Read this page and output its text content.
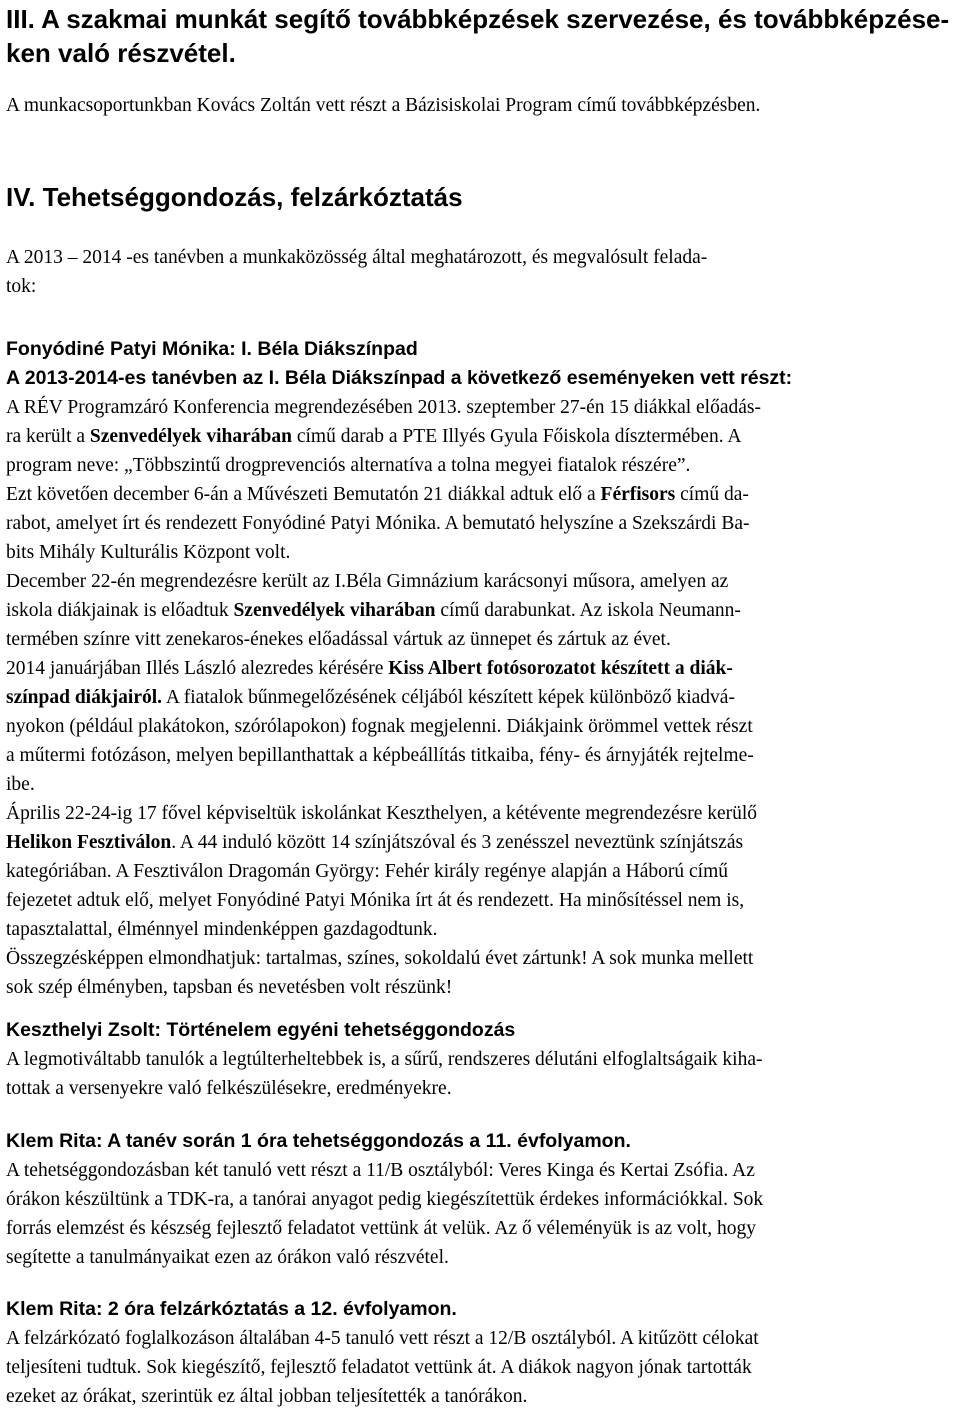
III. A szakmai munkát segítő továbbképzések szervezése, és továbbképzése-
ken való részvétel.
A munkacsoportunkban Kovács Zoltán vett részt a Bázisiskolai Program című továbbképzésben.
IV. Tehetséggondozás, felzárkóztatás
A 2013 – 2014 -es tanévben a munkaközösség által meghatározott, és megvalósult felada-
tok:
Fonyódiné Patyi Mónika: I. Béla Diákszínpad
A 2013-2014-es tanévben az I. Béla Diákszínpad a következő eseményeken vett részt:
A RÉV Programzáró Konferencia megrendezésében 2013. szeptember 27-én 15 diákkal előadás-
ra került a Szenvedélyek viharában című darab a PTE Illyés Gyula Főiskola dísztermében. A
program neve: „Többszintű drogprevenciós alternatíva a tolna megyei fiatalok részére”.
Ezt követően december 6-án a Művészeti Bemutatón 21 diákkal adtuk elő a Férfisors című da-
rabot, amelyet írt és rendezett Fonyódiné Patyi Mónika. A bemutató helyszíne a Szekszárdi Ba-
bits Mihály Kulturális Központ volt.
December 22-én megrendezésre került az I.Béla Gimnázium karácsonyi műsora, amelyen az
iskola diákjainak is előadtuk Szenvedélyek viharában című darabunkat. Az iskola Neumann-
termében színre vitt zenekaros-énekes előadással vártuk az ünnepet és zártuk az évet.
2014 januárjában Illés László alezredes kérésére Kiss Albert fotósorozatot készített a diák-
színpad diákjairól. A fiatalok bűnmegelőzésének céljából készített képek különböző kiadvá-
nyokon (például plakátokon, szórólapokon) fognak megjelenni. Diákjaink örömmel vettek részt
a műtermi fotózáson, melyen bepillanthattak a képbeállítás titkaiba, fény- és árnyjáték rejtelme-
ibe.
Április 22-24-ig 17 fővel képviseltük iskolánkat Keszthelyen, a kétévente megrendezésre kerülő
Helikon Fesztiválon. A 44 induló között 14 színjátszóval és 3 zenésszel neveztünk színjátszás
kategóriában. A Fesztiválon Dragomán György: Fehér király regénye alapján a Háború című
fejezetet adtuk elő, melyet Fonyódiné Patyi Mónika írt át és rendezett. Ha minősítéssel nem is,
tapasztalattal, élménnyel mindenképpen gazdagodtunk.
Összegzésképpen elmondhatjuk: tartalmas, színes, sokoldalú évet zártunk! A sok munka mellett
sok szép élményben, tapsban és nevetésben volt részünk!
Keszthelyi Zsolt: Történelem egyéni tehetséggondozás
A legmotiváltabb tanulók a legtúlterheltebbek is, a sűrű, rendszeres délutáni elfoglaltságaik kiha-
tottak a versenyekre való felkészülésekre, eredményekre.
Klem Rita: A tanév során 1 óra tehetséggondozás a 11. évfolyamon.
A tehetséggondozásban két tanuló vett részt a 11/B osztályból: Veres Kinga és Kertai Zsófia. Az
órákon készültünk a TDK-ra, a tanórai anyagot pedig kiegészítettük érdekes információkkal. Sok
forrás elemzést és készség fejlesztő feladatot vettünk át velük. Az ő véleményük is az volt, hogy
segítette a tanulmányaikat ezen az órákon való részvétel.
Klem Rita: 2 óra felzárkóztatás a 12. évfolyamon.
A felzárkózató foglalkozáson általában 4-5 tanuló vett részt a 12/B osztályból. A kitűzött célokat
teljesíteni tudtuk. Sok kiegészítő, fejlesztő feladatot vettünk át. A diákok nagyon jónak tartották
ezeket az órákat, szerintük ez által jobban teljesítették a tanórákon.
